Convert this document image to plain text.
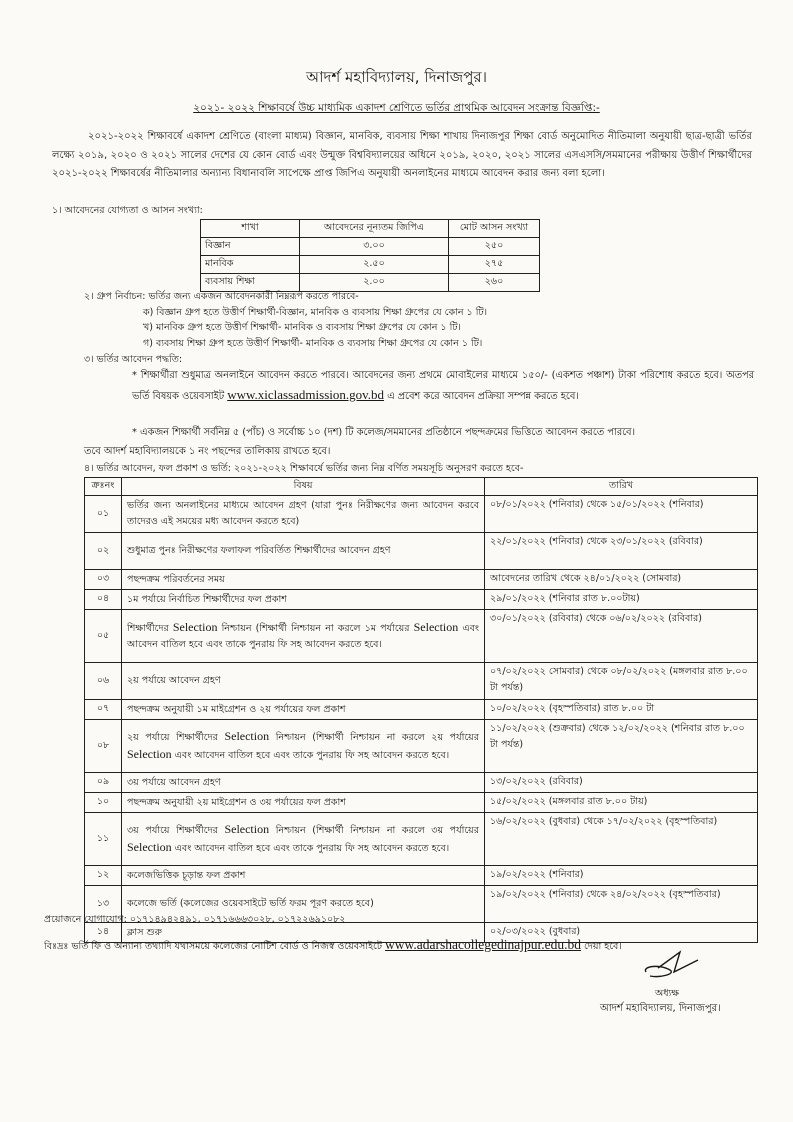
আদর্শ মহাবিদ্যালয়, দিনাজপুর।
২০২১- ২০২২ শিক্ষাবর্ষে উচ্চ মাধ্যমিক একাদশ শ্রেণিতে ভর্তির প্রাথমিক আবেদন সংক্রান্ত বিজ্ঞপ্তি:-
২০২১-২০২২ শিক্ষাবর্ষে একাদশ শ্রেণিতে (বাংলা মাধ্যম) বিজ্ঞান, মানবিক, ব্যবসায় শিক্ষা শাখায় দিনাজপুর শিক্ষা বোর্ড অনুমোদিত নীতিমালা অনুযায়ী ছাত্র-ছাত্রী ভর্তির লক্ষ্যে ২০১৯, ২০২০ ও ২০২১ সালের দেশের যে কোন বোর্ড এবং উন্মুক্ত বিশ্ববিদ্যালয়ের অধিনে ২০১৯, ২০২০, ২০২১ সালের এসএসসি/সমমানের পরীক্ষায় উত্তীর্ণ শিক্ষার্থীদের ২০২১-২০২২ শিক্ষাবর্ষের নীতিমালার অন্যান্য বিধানাবলি সাপেক্ষে প্রাপ্ত জিপিএ অনুযায়ী অনলাইনের মাধ্যমে আবেদন করার জন্য বলা হলো।
১। আবেদনের যোগ্যতা ও আসন সংখ্যা:
শাখা	আবেদনের নূন্যতম জিপিএ	মোট আসন সংখ্যা
বিজ্ঞান	৩.০০	২৫০
মানবিক	২.৫০	২৭৫
ব্যবসায় শিক্ষা	২.০০	২৬০
২। গ্রুপ নির্বাচন: ভর্তির জন্য একজন আবেদনকারী নিম্নরূপ করতে পারবে-
ক) বিজ্ঞান গ্রুপ হতে উত্তীর্ণ শিক্ষার্থী-বিজ্ঞান, মানবিক ও ব্যবসায় শিক্ষা গ্রুপের যে কোন ১ টি।
খ) মানবিক গ্রুপ হতে উত্তীর্ণ শিক্ষার্থী- মানবিক ও ব্যবসায় শিক্ষা গ্রুপের যে কোন ১ টি।
গ) ব্যবসায় শিক্ষা গ্রুপ হতে উত্তীর্ণ শিক্ষার্থী- মানবিক ও ব্যবসায় শিক্ষা গ্রুপের যে কোন ১ টি।
৩। ভর্তির আবেদন পদ্ধতি:
* শিক্ষার্থীরা শুধুমাত্র অনলাইনে আবেদন করতে পারবে। আবেদনের জন্য প্রথমে মোবাইলের মাধ্যমে ১৫০/- (একশত পঞ্চাশ) টাকা পরিশোধ করতে হবে। অতপর ভর্তি বিষয়ক ওয়েবসাইট www.xiclassadmission.gov.bd এ প্রবেশ করে আবেদন প্রক্রিয়া সম্পন্ন করতে হবে।
* একজন শিক্ষার্থী সর্বনিম্ন ৫ (পাঁচ) ও সর্বোচ্চ ১০ (দশ) টি কলেজ/সমমানের প্রতিষ্ঠানে পছন্দক্রমের ভিত্তিতে আবেদন করতে পারবে।
তবে আদর্শ মহাবিদ্যালয়কে ১ নং পছন্দের তালিকায় রাখতে হবে।
৪। ভর্তির আবেদন, ফল প্রকাশ ও ভর্তি: ২০২১-২০২২ শিক্ষাবর্ষে ভর্তির জন্য নিম্ন বর্ণিত সময়সূচি অনুসরণ করতে হবে-
ক্রঃনং	বিষয়	তারিখ
০১	ভর্তির জন্য অনলাইনের মাধ্যমে আবেদন গ্রহণ (যারা পুনঃ নিরীক্ষণের জন্য আবেদন করবে তাদেরও এই সময়ের মধ্য আবেদন করতে হবে)	০৮/০১/২০২২ (শনিবার) থেকে ১৫/০১/২০২২ (শনিবার)
০২	শুধুমাত্র পুনঃ নিরীক্ষণের ফলাফল পরিবর্তিত শিক্ষার্থীদের আবেদন গ্রহণ	২২/০১/২০২২ (শনিবার) থেকে ২৩/০১/২০২২ (রবিবার)
০৩	পছন্দক্রম পরিবর্তনের সময়	আবেদনের তারিখ থেকে ২৪/০১/২০২২ (সোমবার)
০৪	১ম পর্যায়ে নির্বাচিত শিক্ষার্থীদের ফল প্রকাশ	২৯/০১/২০২২ (শনিবার রাত ৮.০০টায়)
০৫	শিক্ষার্থীদের Selection নিশ্চায়ন (শিক্ষার্থী নিশ্চায়ন না করলে ১ম পর্যায়ের Selection এবং আবেদন বাতিল হবে এবং তাকে পুনরায় ফি সহ আবেদন করতে হবে।	৩০/০১/২০২২ (রবিবার) থেকে ০৬/০২/২০২২ (রবিবার)
০৬	২য় পর্যায়ে আবেদন গ্রহণ	০৭/০২/২০২২ সোমবার) থেকে ০৮/০২/২০২২ (মঙ্গলবার রাত ৮.০০ টা পর্যন্ত)
০৭	পছন্দক্রম অনুযায়ী ১ম মাইগ্রেশন ও ২য় পর্যায়ের ফল প্রকাশ	১০/০২/২০২২ (বৃহস্পতিবার) রাত ৮.০০ টা
০৮	২য় পর্যায়ে শিক্ষার্থীদের Selection নিশ্চায়ন (শিক্ষার্থী নিশ্চায়ন না করলে ২য় পর্যায়ের Selection এবং আবেদন বাতিল হবে এবং তাকে পুনরায় ফি সহ আবেদন করতে হবে।	১১/০২/২০২২ (শুক্রবার) থেকে ১২/০২/২০২২ (শনিবার রাত ৮.০০ টা পর্যন্ত)
০৯	৩য় পর্যায়ে আবেদন গ্রহণ	১৩/০২/২০২২ (রবিবার)
১০	পছন্দক্রম অনুযায়ী ২য় মাইগ্রেশন ও ৩য় পর্যায়ের ফল প্রকাশ	১৫/০২/২০২২ (মঙ্গলবার রাত ৮.০০ টায়)
১১	৩য় পর্যায়ে শিক্ষার্থীদের Selection নিশ্চায়ন (শিক্ষার্থী নিশ্চায়ন না করলে ৩য় পর্যায়ের Selection এবং আবেদন বাতিল হবে এবং তাকে পুনরায় ফি সহ আবেদন করতে হবে।	১৬/০২/২০২২ (বুধবার) থেকে ১৭/০২/২০২২ (বৃহস্পতিবার)
১২	কলেজভিত্তিক চূড়ান্ত ফল প্রকাশ	১৯/০২/২০২২ (শনিবার)
১৩	কলেজে ভর্তি (কলেজের ওয়েবসাইটে ভর্তি ফরম পূরণ করতে হবে)	১৯/০২/২০২২ (শনিবার) থেকে ২৪/০২/২০২২ (বৃহস্পতিবার)
১৪	ক্লাস শুরু	০২/০৩/২০২২ (বুধবার)
প্রয়োজনে যোগাযোগ: ০১৭১৪৯৪২৪৯১, ০১৭১৬৬৬৩০২৮, ০১৭২২৬৯১০৮২
বিঃদ্রঃ ভর্তি ফি ও অন্যান্য তথ্যাদি যথাসময়ে কলেজের নোটিশ বোর্ড ও নিজস্ব ওয়েবসাইটে www.adarshacollegedinajpur.edu.bd দেয়া হবে।
অধ্যক্ষ
আদর্শ মহাবিদ্যালয়, দিনাজপুর।
